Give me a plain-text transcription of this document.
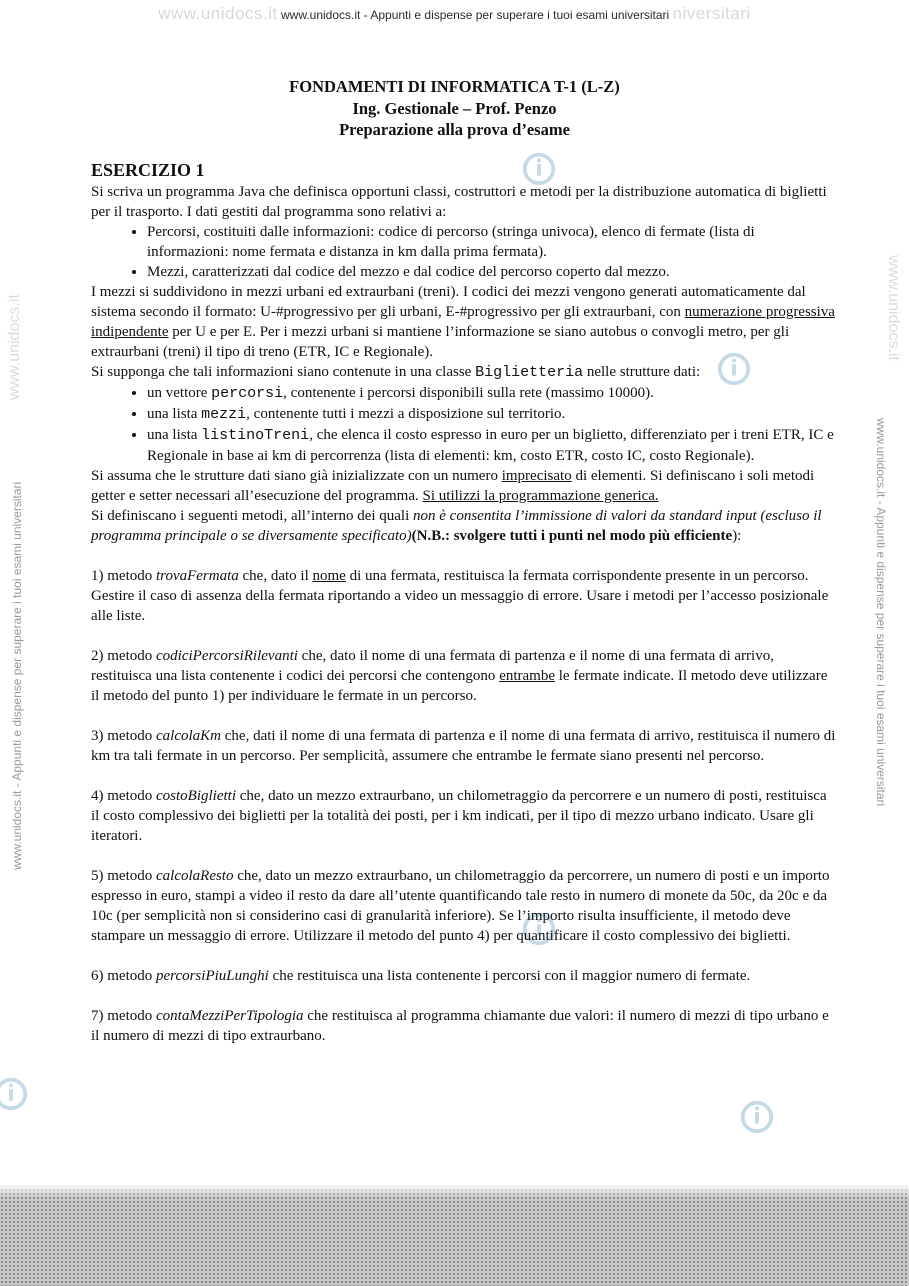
www.unidocs.it www.unidocs.it - Appunti e dispense per superare i tuoi esami universitari niversitari
www.unidocs.it - Appunti e dispense per superare i tuoi esami universitari	www.unidocs.it - Appunti e dispense per superare i tuoi esami universitari
www.unidocs.it	www.unidocs.it
FONDAMENTI DI INFORMATICA T-1 (L-Z)
Ing. Gestionale – Prof. Penzo
Preparazione alla prova d’esame
ESERCIZIO 1

Si scriva un programma Java che definisca opportuni classi, costruttori e metodi per la distribuzione automatica di biglietti per il trasporto. I dati gestiti dal programma sono relativi a:

• Percorsi, costituiti dalle informazioni: codice di percorso (stringa univoca), elenco di fermate (lista di informazioni: nome fermata e distanza in km dalla prima fermata).
• Mezzi, caratterizzati dal codice del mezzo e dal codice del percorso coperto dal mezzo.

I mezzi si suddividono in mezzi urbani ed extraurbani (treni). I codici dei mezzi vengono generati automaticamente dal sistema secondo il formato: U-#progressivo per gli urbani, E-#progressivo per gli extraurbani, con numerazione progressiva indipendente per U e per E. Per i mezzi urbani si mantiene l’informazione se siano autobus o convogli metro, per gli extraurbani (treni) il tipo di treno (ETR, IC e Regionale).

Si supponga che tali informazioni siano contenute in una classe Biglietteria nelle strutture dati:

• un vettore percorsi, contenente i percorsi disponibili sulla rete (massimo 10000).
• una lista mezzi, contenente tutti i mezzi a disposizione sul territorio.
• una lista listinoTreni, che elenca il costo espresso in euro per un biglietto, differenziato per i treni ETR, IC e Regionale in base ai km di percorrenza (lista di elementi: km, costo ETR, costo IC, costo Regionale).

Si assuma che le strutture dati siano già inizializzate con un numero imprecisato di elementi. Si definiscano i soli metodi getter e setter necessari all’esecuzione del programma. Si utilizzi la programmazione generica.

Si definiscano i seguenti metodi, all’interno dei quali non è consentita l’immissione di valori da standard input (escluso il programma principale o se diversamente specificato)(N.B.: svolgere tutti i punti nel modo più efficiente):

1) metodo trovaFermata che, dato il nome di una fermata, restituisca la fermata corrispondente presente in un percorso. Gestire il caso di assenza della fermata riportando a video un messaggio di errore. Usare i metodi per l’accesso posizionale alle liste.

2) metodo codiciPercorsiRilevanti che, dato il nome di una fermata di partenza e il nome di una fermata di arrivo, restituisca una lista contenente i codici dei percorsi che contengono entrambe le fermate indicate. Il metodo deve utilizzare il metodo del punto 1) per individuare le fermate in un percorso.

3) metodo calcolaKm che, dati il nome di una fermata di partenza e il nome di una fermata di arrivo, restituisca il numero di km tra tali fermate in un percorso. Per semplicità, assumere che entrambe le fermate siano presenti nel percorso.

4) metodo costoBiglietti che, dato un mezzo extraurbano, un chilometraggio da percorrere e un numero di posti, restituisca il costo complessivo dei biglietti per la totalità dei posti, per i km indicati, per il tipo di mezzo urbano indicato. Usare gli iteratori.

5) metodo calcolaResto che, dato un mezzo extraurbano, un chilometraggio da percorrere, un numero di posti e un importo espresso in euro, stampi a video il resto da dare all’utente quantificando tale resto in numero di monete da 50c, da 20c e da 10c (per semplicità non si considerino casi di granularità inferiore). Se l’importo risulta insufficiente, il metodo deve stampare un messaggio di errore. Utilizzare il metodo del punto 4) per quantificare il costo complessivo dei biglietti.

6) metodo percorsiPiuLunghi che restituisca una lista contenente i percorsi con il maggior numero di fermate.

7) metodo contaMezziPerTipologia che restituisca al programma chiamante due valori: il numero di mezzi di tipo urbano e il numero di mezzi di tipo extraurbano.
